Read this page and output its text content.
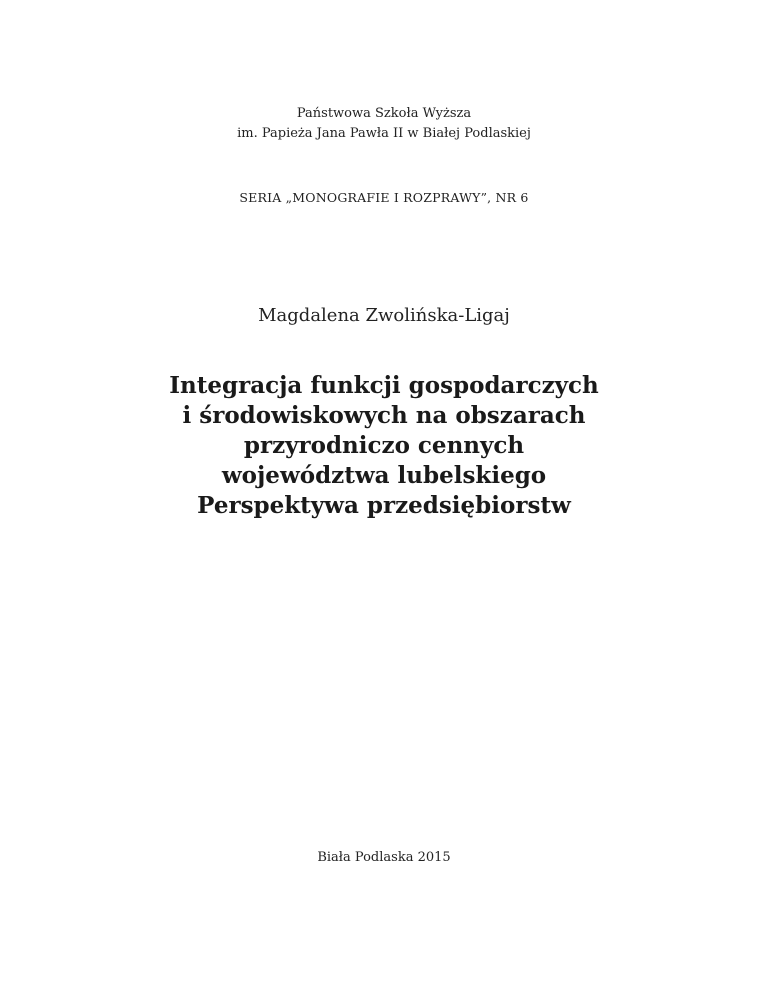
Państwowa Szkoła Wyższa
im. Papieża Jana Pawła II w Białej Podlaskiej
SERIA „MONOGRAFIE I ROZPRAWY”, NR 6
Magdalena Zwolińska-Ligaj
Integracja funkcji gospodarczych
i środowiskowych na obszarach
przyrodniczo cennych
województwa lubelskiego
Perspektywa przedsiębiorstw
Biała Podlaska 2015
